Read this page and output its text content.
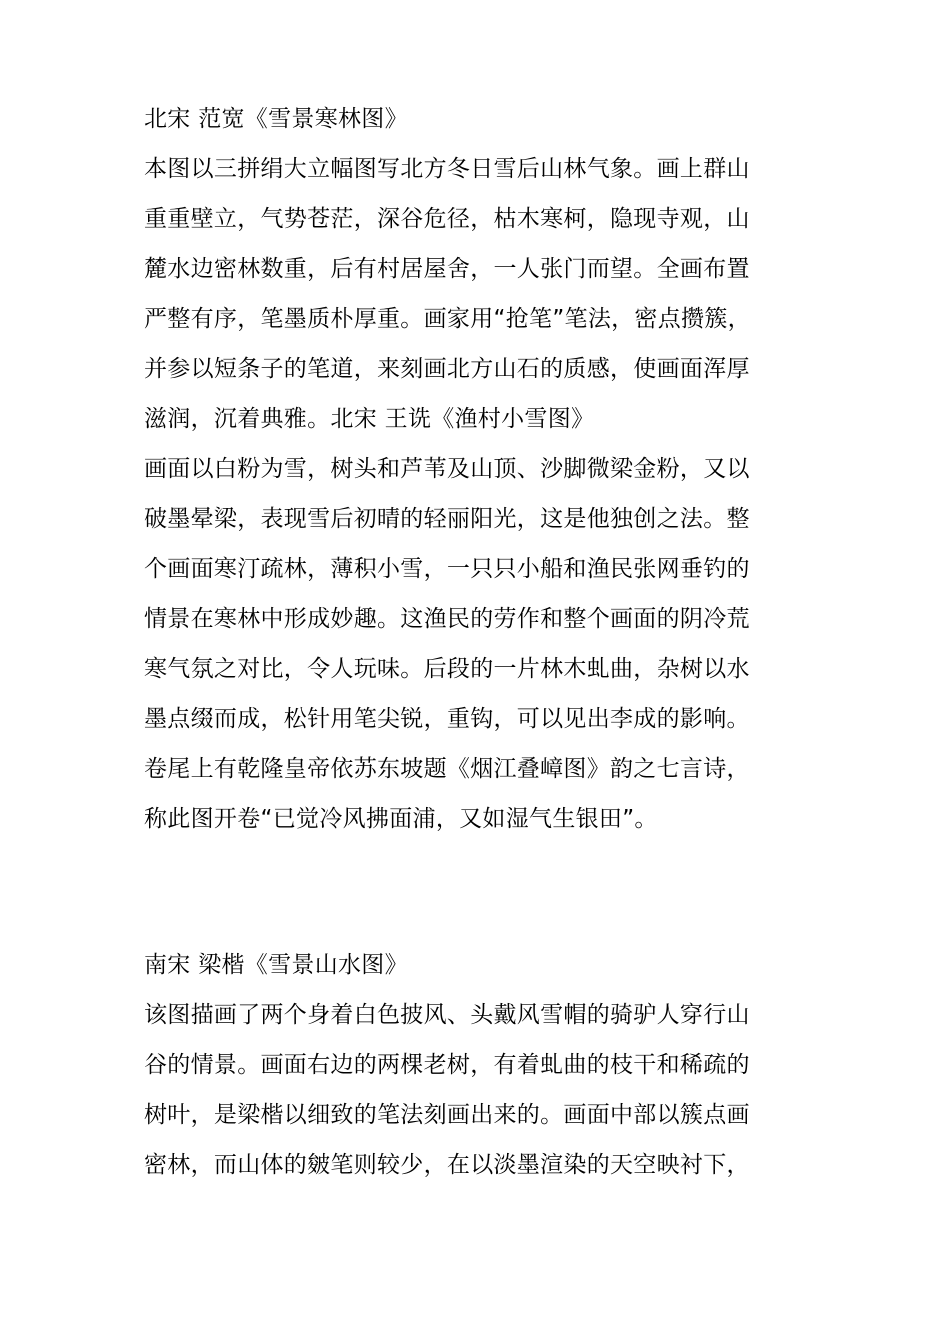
北宋 范宽《雪景寒林图》
本图以三拼绢大立幅图写北方冬日雪后山林气象。画上群山
重重壁立，气势苍茫，深谷危径，枯木寒柯，隐现寺观，山
麓水边密林数重，后有村居屋舍，一人张门而望。全画布置
严整有序，笔墨质朴厚重。画家用“抢笔”笔法，密点攒簇，
并参以短条子的笔道，来刻画北方山石的质感，使画面浑厚
滋润，沉着典雅。北宋 王诜《渔村小雪图》
画面以白粉为雪，树头和芦苇及山顶、沙脚微梁金粉，又以
破墨晕梁，表现雪后初晴的轻丽阳光，这是他独创之法。整
个画面寒汀疏林，薄积小雪，一只只小船和渔民张网垂钓的
情景在寒林中形成妙趣。这渔民的劳作和整个画面的阴冷荒
寒气氛之对比，令人玩味。后段的一片林木虬曲，杂树以水
墨点缀而成，松针用笔尖锐，重钩，可以见出李成的影响。
卷尾上有乾隆皇帝依苏东坡题《烟江叠嶂图》韵之七言诗，
称此图开卷“已觉冷风拂面浦，又如湿气生银田”。
南宋 梁楷《雪景山水图》
该图描画了两个身着白色披风、头戴风雪帽的骑驴人穿行山
谷的情景。画面右边的两棵老树，有着虬曲的枝干和稀疏的
树叶，是梁楷以细致的笔法刻画出来的。画面中部以簇点画
密林，而山体的皴笔则较少，在以淡墨渲染的天空映衬下，
